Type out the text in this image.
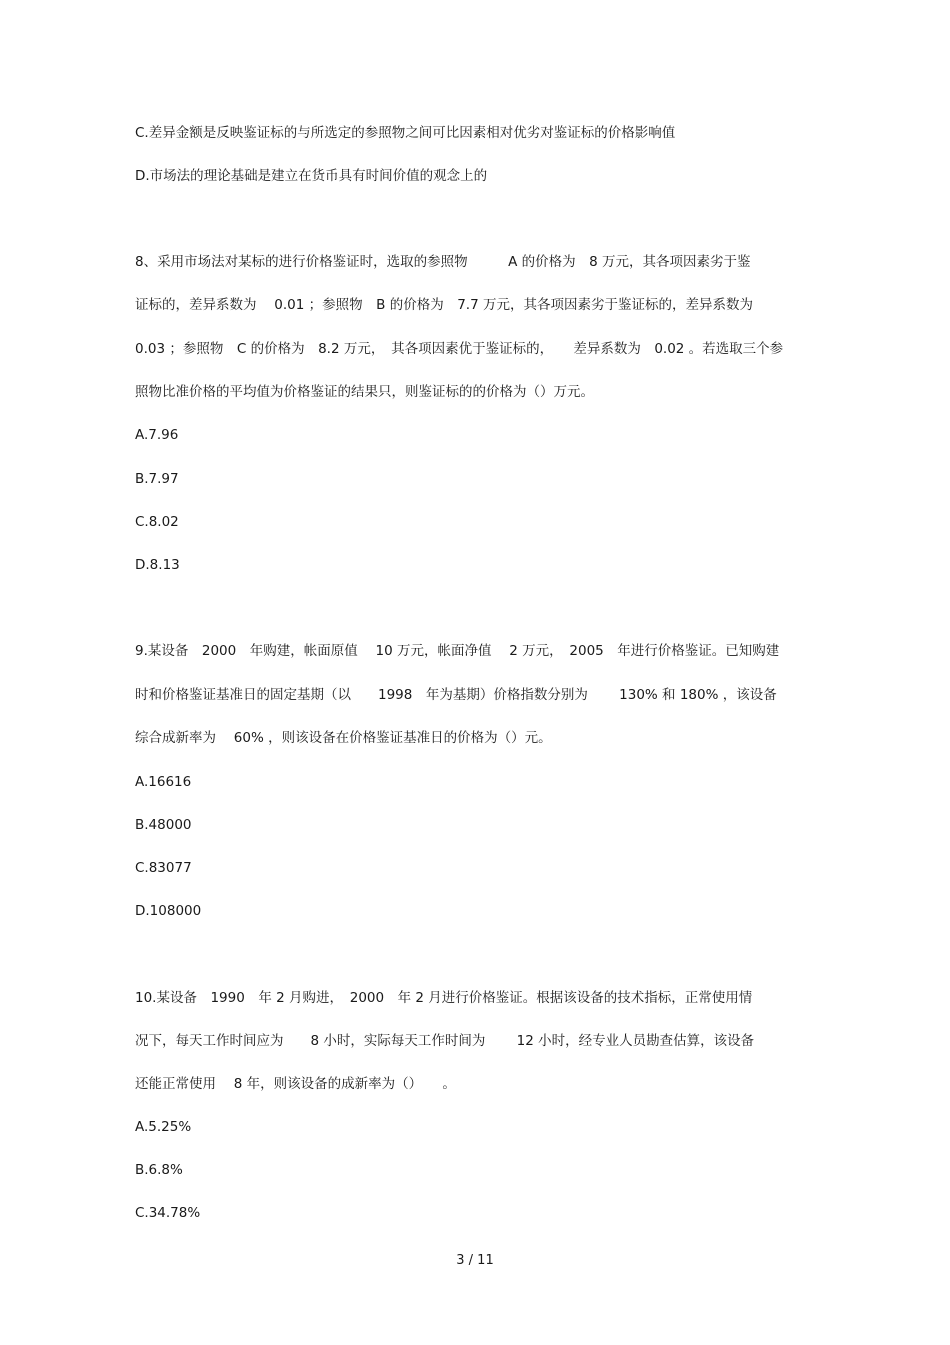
C.差异金额是反映鉴证标的与所选定的参照物之间可比因素相对优劣对鉴证标的价格影响值
D.市场法的理论基础是建立在货币具有时间价值的观念上的
8、采用市场法对某标的进行价格鉴证时，选取的参照物　　　A 的价格为　8 万元，其各项因素劣于鉴
证标的，差异系数为　 0.01 ；参照物　B 的价格为　7.7 万元，其各项因素劣于鉴证标的，差异系数为
0.03 ；参照物　C 的价格为　8.2 万元，　其各项因素优于鉴证标的，　　差异系数为　0.02 。若选取三个参
照物比准价格的平均值为价格鉴证的结果只，则鉴证标的的价格为（）万元。
A.7.96
B.7.97
C.8.02
D.8.13
9.某设备　2000　年购建，帐面原值　 10 万元，帐面净值　 2 万元，　2005　年进行价格鉴证。已知购建
时和价格鉴证基准日的固定基期（以　　1998　年为基期）价格指数分别为　　 130% 和 180% ，该设备
综合成新率为　 60% ，则该设备在价格鉴证基准日的价格为（）元。
A.16616
B.48000
C.83077
D.108000
10.某设备　1990　年 2 月购进，　2000　年 2 月进行价格鉴证。根据该设备的技术指标，正常使用情
况下，每天工作时间应为　　8 小时，实际每天工作时间为　　 12 小时，经专业人员勘查估算，该设备
还能正常使用　 8 年，则该设备的成新率为（）　　。
A.5.25%
B.6.8%
C.34.78%
3 / 11
